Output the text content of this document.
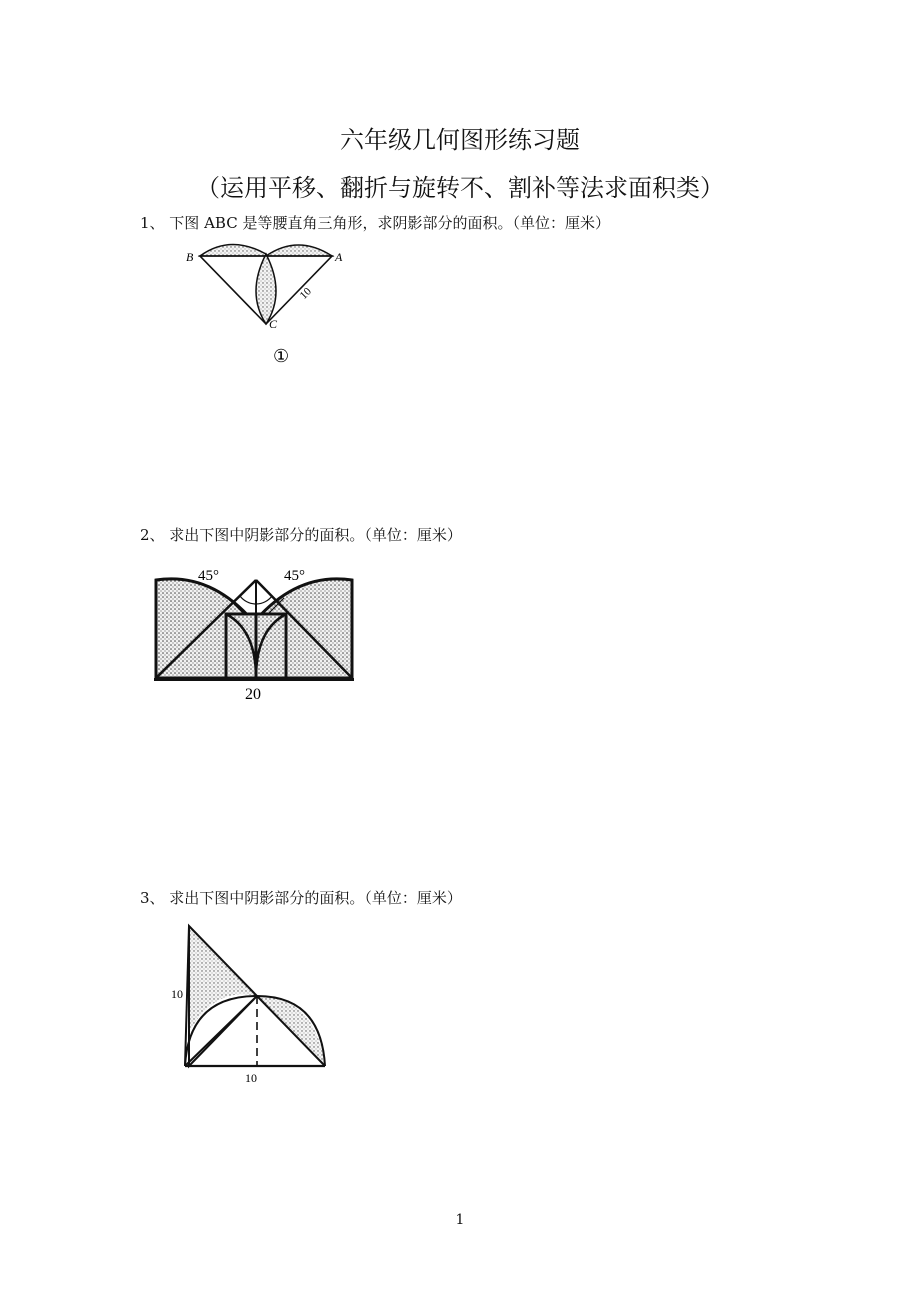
六年级几何图形练习题
（运用平移、翻折与旋转不、割补等法求面积类）
1、 下图 ABC 是等腰直角三角形，求阴影部分的面积。（单位：厘米）
2、 求出下图中阴影部分的面积。（单位：厘米）
3、 求出下图中阴影部分的面积。（单位：厘米）
B	A
C
10
①
45°	45°
20
10
10
1
